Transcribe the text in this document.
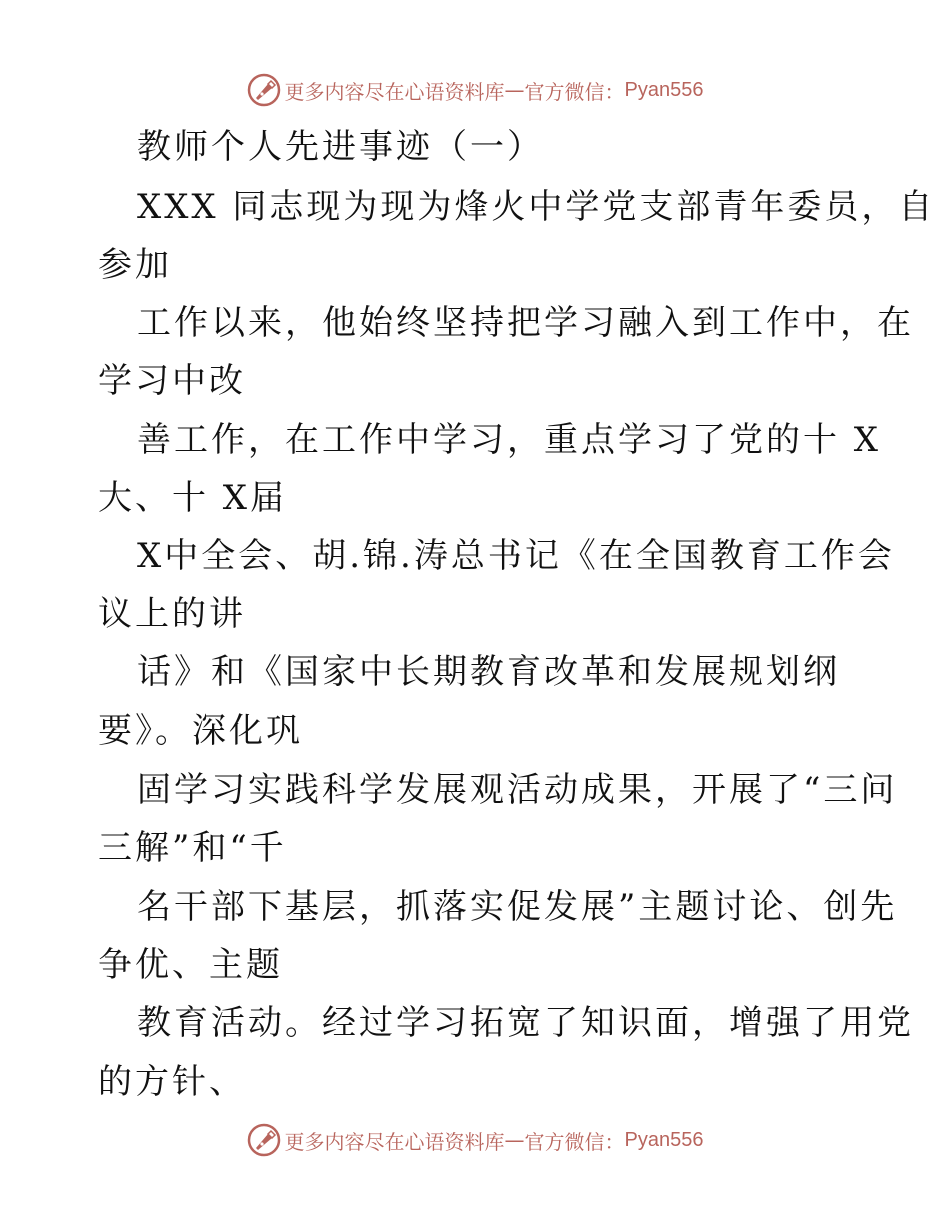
更多内容尽在心语资料库 — 官方微信： Pyan556
教师个人先进事迹（一）
XXX 同志现为现为烽火中学党支部青年委员，自
参加
工作以来，他始终坚持把学习融入到工作中，在
学习中改
善工作，在工作中学习，重点学习了党的十 X
大、十 X届
X中全会、胡.锦.涛总书记《在全国教育工作会
议上的讲
话》和《国家中长期教育改革和发展规划纲
要》。深化巩
固学习实践科学发展观活动成果，开展了“三问
三解”和“千
名干部下基层，抓落实促发展”主题讨论、创先
争优、主题
教育活动。经过学习拓宽了知识面，增强了用党
的方针、
更多内容尽在心语资料库 — 官方微信： Pyan556
